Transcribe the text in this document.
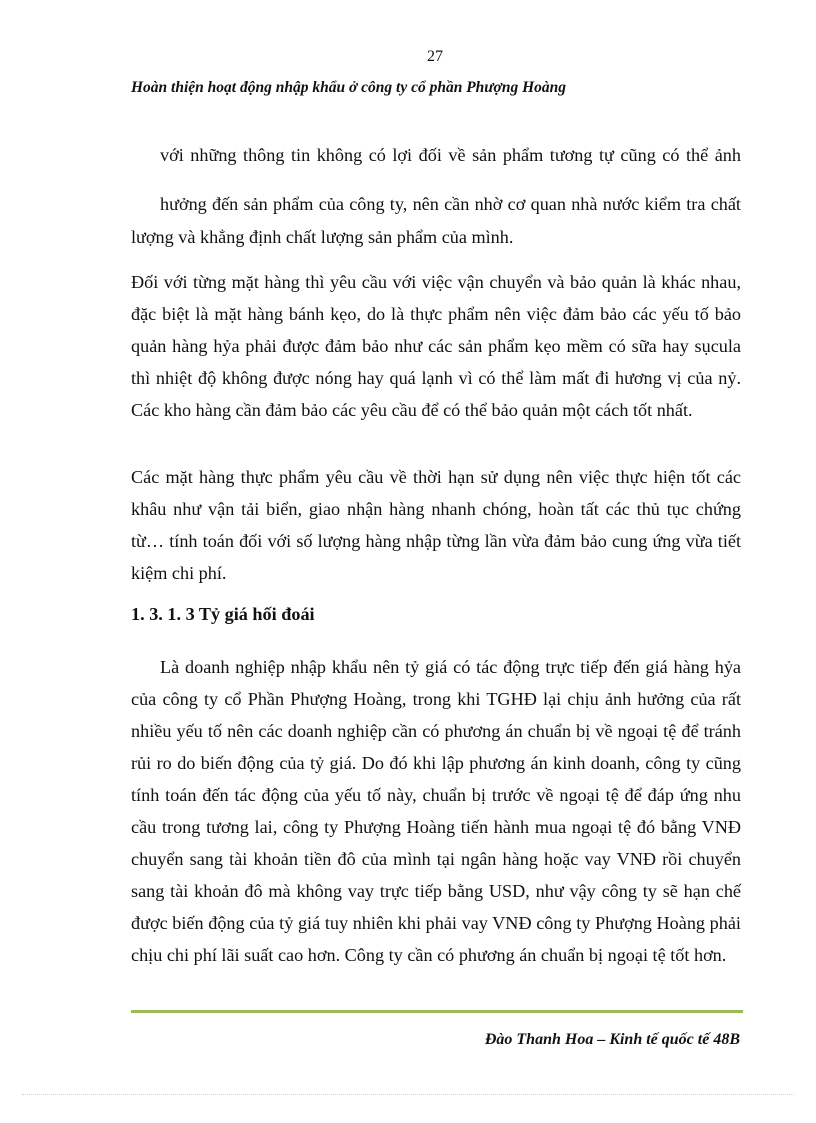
27
Hoàn thiện hoạt động nhập khẩu ở công ty cổ phần Phượng Hoàng

với những thông tin không có lợi đối về sản phẩm tương tự cũng có thể ảnh

hưởng đến sản phẩm của công ty, nên cần nhờ cơ quan nhà nước kiểm tra chất lượng và khẳng định chất lượng sản phẩm của mình.

Đối với từng mặt hàng thì yêu cầu với việc vận chuyển và bảo quản là khác nhau, đặc biệt là mặt hàng bánh kẹo, do là thực phẩm nên việc đảm bảo các yếu tố bảo quản hàng hỷa phải được đảm bảo như các sản phẩm kẹo mềm có sữa hay sụcula thì nhiệt độ không được nóng hay quá lạnh vì có thể làm mất đi hương vị của nỷ. Các kho hàng cần đảm bảo các yêu cầu để có thể bảo quản một cách tốt nhất.

Các mặt hàng thực phẩm yêu cầu về thời hạn sử dụng nên việc thực hiện tốt các khâu như vận tải biển, giao nhận hàng nhanh chóng, hoàn tất các thủ tục chứng từ… tính toán đối với số lượng hàng nhập từng lần vừa đảm bảo cung ứng vừa tiết kiệm chi phí.

1. 3. 1. 3 Tỷ giá hối đoái

Là doanh nghiệp nhập khẩu nên tỷ giá có tác động trực tiếp đến giá hàng hỷa của công ty cổ Phần Phượng Hoàng, trong khi TGHĐ lại chịu ảnh hưởng của rất nhiều yếu tố nên các doanh nghiệp cần có phương án chuẩn bị về ngoại tệ để tránh rủi ro do biến động của tỷ giá. Do đó khi lập phương án kinh doanh, công ty cũng tính toán đến tác động của yếu tố này, chuẩn bị trước về ngoại tệ để đáp ứng nhu cầu trong tương lai, công ty Phượng Hoàng tiến hành mua ngoại tệ đó bằng VNĐ chuyển sang tài khoản tiền đô của mình tại ngân hàng hoặc vay VNĐ rồi chuyển sang tài khoản đô mà không vay trực tiếp bằng USD, như vậy công ty sẽ hạn chế được biến động của tỷ giá tuy nhiên khi phải vay VNĐ công ty Phượng Hoàng phải chịu chi phí lãi suất cao hơn. Công ty cần có phương án chuẩn bị ngoại tệ tốt hơn.

Đào Thanh Hoa – Kinh tế quốc tế 48B
